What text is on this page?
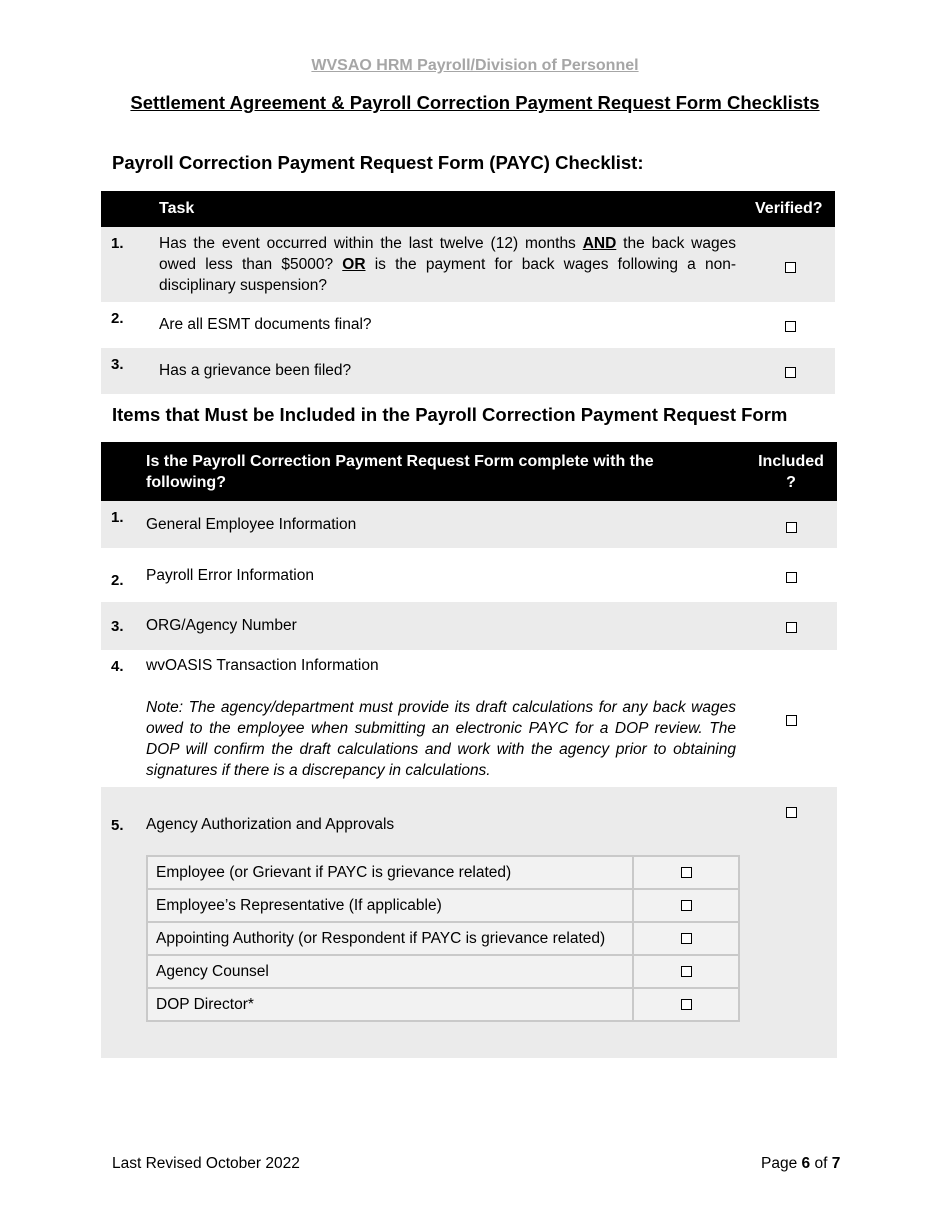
WVSAO HRM Payroll/Division of Personnel
Settlement Agreement & Payroll Correction Payment Request Form Checklists
Payroll Correction Payment Request Form (PAYC) Checklist:
Task	Verified?
1. Has the event occurred within the last twelve (12) months AND the back wages owed less than $5000? OR is the payment for back wages following a non-disciplinary suspension?
2. Are all ESMT documents final?
3. Has a grievance been filed?
Items that Must be Included in the Payroll Correction Payment Request Form
Is the Payroll Correction Payment Request Form complete with the following?
Included
?
1. General Employee Information
2. Payroll Error Information
3. ORG/Agency Number
4. wvOASIS Transaction Information
Note: The agency/department must provide its draft calculations for any back wages owed to the employee when submitting an electronic PAYC for a DOP review. The DOP will confirm the draft calculations and work with the agency prior to obtaining signatures if there is a discrepancy in calculations.
5. Agency Authorization and Approvals
Employee (or Grievant if PAYC is grievance related)	
Employee’s Representative (If applicable)	
Appointing Authority (or Respondent if PAYC is grievance related)	
Agency Counsel	
DOP Director*	
Last Revised October 2022	Page 6 of 7
